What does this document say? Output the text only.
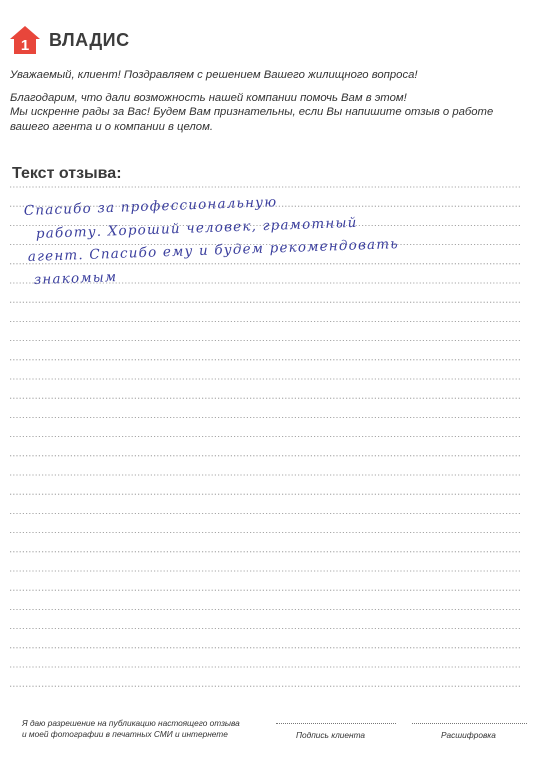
1 ВЛАДИС

Уважаемый, клиент! Поздравляем с решением Вашего жилищного вопроса!

Благодарим, что дали возможность нашей компании помочь Вам в этом!

Мы искренне рады за Вас! Будем Вам признательны, если Вы напишите отзыв о работе

вашего агента и о компании в целом.

Текст отзыва:
Спасибо за профессиональную
работу. Хороший человек, грамотный
агент. Спасибо ему и будем рекомендовать
знакомым

Я даю разрешение на публикацию настоящего отзыва

и моей фотографии в печатных СМИ и интернете	Подпись клиента	Расшифровка
